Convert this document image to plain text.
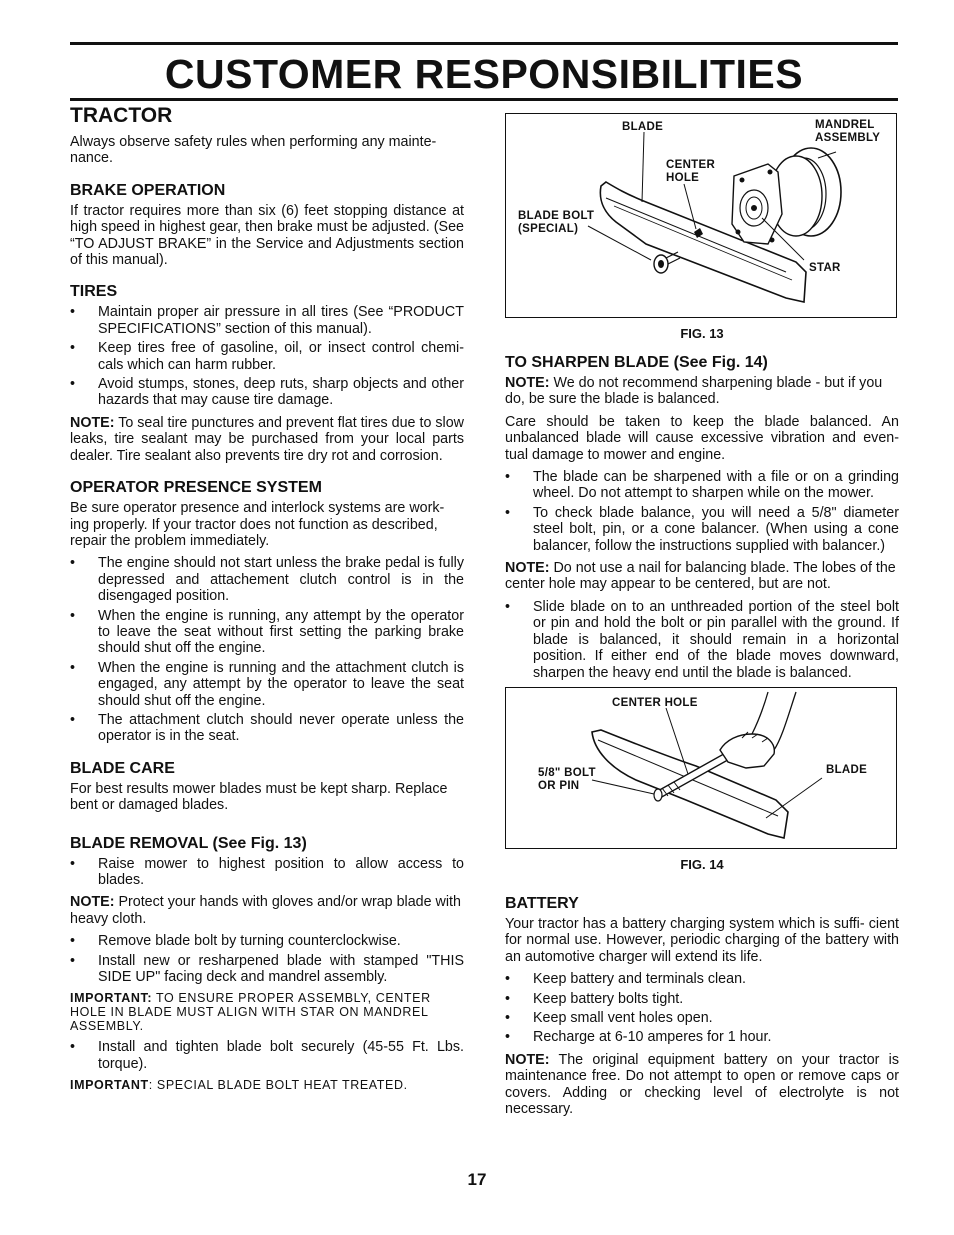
CUSTOMER RESPONSIBILITIES
TRACTOR

Always observe safety rules when performing any mainte- nance.

BRAKE OPERATION

If tractor requires more than six (6) feet stopping distance at high speed in highest gear, then brake must be adjusted. (See “TO ADJUST BRAKE” in the Service and Adjustments section of this manual).

TIRES
• Maintain proper air pressure in all tires (See “PRODUCT SPECIFICATIONS” section of this manual).
• Keep tires free of gasoline, oil, or insect control chemi- cals which can harm rubber.
• Avoid stumps, stones, deep ruts, sharp objects and other hazards that may cause tire damage.

NOTE: To seal tire punctures and prevent flat tires due to slow leaks, tire sealant may be purchased from your local parts dealer. Tire sealant also prevents tire dry rot and corrosion.

OPERATOR PRESENCE SYSTEM

Be sure operator presence and interlock systems are work- ing properly. If your tractor does not function as described, repair the problem immediately.

• The engine should not start unless the brake pedal is fully depressed and attachement clutch control is in the disengaged position.
• When the engine is running, any attempt by the operator to leave the seat without first setting the parking brake should shut off the engine.
• When the engine is running and the attachment clutch is engaged, any attempt by the operator to leave the seat should shut off the engine.
• The attachment clutch should never operate unless the operator is in the seat.
BLADE CARE

For best results mower blades must be kept sharp. Replace bent or damaged blades.

BLADE REMOVAL (See Fig. 13)
• Raise mower to highest position to allow access to blades.

NOTE: Protect your hands with gloves and/or wrap blade with heavy cloth.

• Remove blade bolt by turning counterclockwise.
• Install new or resharpened blade with stamped "THIS SIDE UP" facing deck and mandrel assembly.

IMPORTANT: TO ENSURE PROPER ASSEMBLY, CENTER HOLE IN BLADE MUST ALIGN WITH STAR ON MANDREL ASSEMBLY.

• Install and tighten blade bolt securely (45-55 Ft. Lbs. torque).

IMPORTANT: SPECIAL BLADE BOLT HEAT TREATED.

BLADE	MANDREL
ASSEMBLY
CENTER
HOLE
BLADE BOLT
(SPECIAL)
STAR
FIG. 13
TO SHARPEN BLADE (See Fig. 14)

NOTE: We do not recommend sharpening blade - but if you do, be sure the blade is balanced.

Care should be taken to keep the blade balanced. An unbalanced blade will cause excessive vibration and even- tual damage to mower and engine.

• The blade can be sharpened with a file or on a grinding wheel. Do not attempt to sharpen while on the mower.
• To check blade balance, you will need a 5/8" diameter steel bolt, pin, or a cone balancer. (When using a cone balancer, follow the instructions supplied with balancer.)

NOTE: Do not use a nail for balancing blade. The lobes of the center hole may appear to be centered, but are not.

• Slide blade on to an unthreaded portion of the steel bolt or pin and hold the bolt or pin parallel with the ground. If blade is balanced, it should remain in a horizontal position. If either end of the blade moves downward, sharpen the heavy end until the blade is balanced.
CENTER HOLE
5/8" BOLT
OR PIN
BLADE
FIG. 14
BATTERY

Your tractor has a battery charging system which is suffi- cient for normal use. However, periodic charging of the battery with an automotive charger will extend its life.

• Keep battery and terminals clean.
• Keep battery bolts tight.
• Keep small vent holes open.
• Recharge at 6-10 amperes for 1 hour.

NOTE: The original equipment battery on your tractor is maintenance free. Do not attempt to open or remove caps or covers. Adding or checking level of electrolyte is not necessary.

17
